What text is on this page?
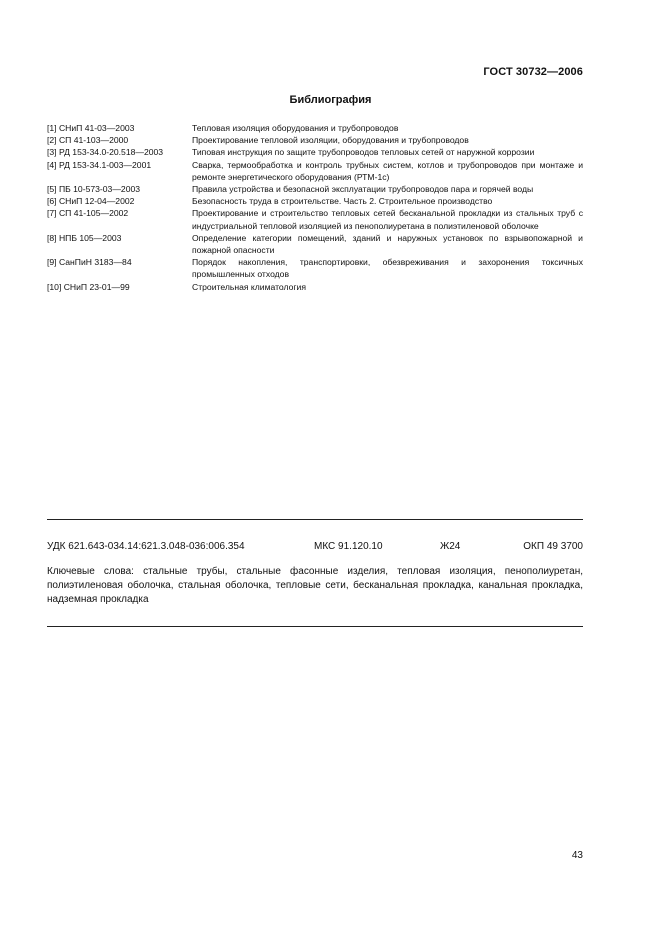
ГОСТ 30732—2006
Библиография
[1] СНиП 41-03—2003	Тепловая изоляция оборудования и трубопроводов
[2] СП 41-103—2000	Проектирование тепловой изоляции, оборудования и трубопроводов
[3] РД 153-34.0-20.518—2003	Типовая инструкция по защите трубопроводов тепловых сетей от наружной коррозии
[4] РД 153-34.1-003—2001	Сварка, термообработка и контроль трубных систем, котлов и трубопроводов при монтаже и ремонте энергетического оборудования (РТМ-1с)
[5] ПБ 10-573-03—2003	Правила устройства и безопасной эксплуатации трубопроводов пара и горячей воды
[6] СНиП 12-04—2002	Безопасность труда в строительстве. Часть 2. Строительное производство
[7] СП 41-105—2002	Проектирование и строительство тепловых сетей бесканальной прокладки из стальных труб с индустриальной тепловой изоляцией из пенополиуретана в полиэтиленовой оболочке
[8] НПБ 105—2003	Определение категории помещений, зданий и наружных установок по взрывопожарной и пожарной опасности
[9] СанПиН 3183—84	Порядок накопления, транспортировки, обезвреживания и захоронения токсичных промышленных отходов
[10] СНиП 23-01—99	Строительная климатология
УДК 621.643-034.14:621.3.048-036:006.354	МКС 91.120.10	Ж24	ОКП 49 3700
Ключевые слова: стальные трубы, стальные фасонные изделия, тепловая изоляция, пенополиуретан, полиэтиленовая оболочка, стальная оболочка, тепловые сети, бесканальная прокладка, канальная прокладка, надземная прокладка
43
